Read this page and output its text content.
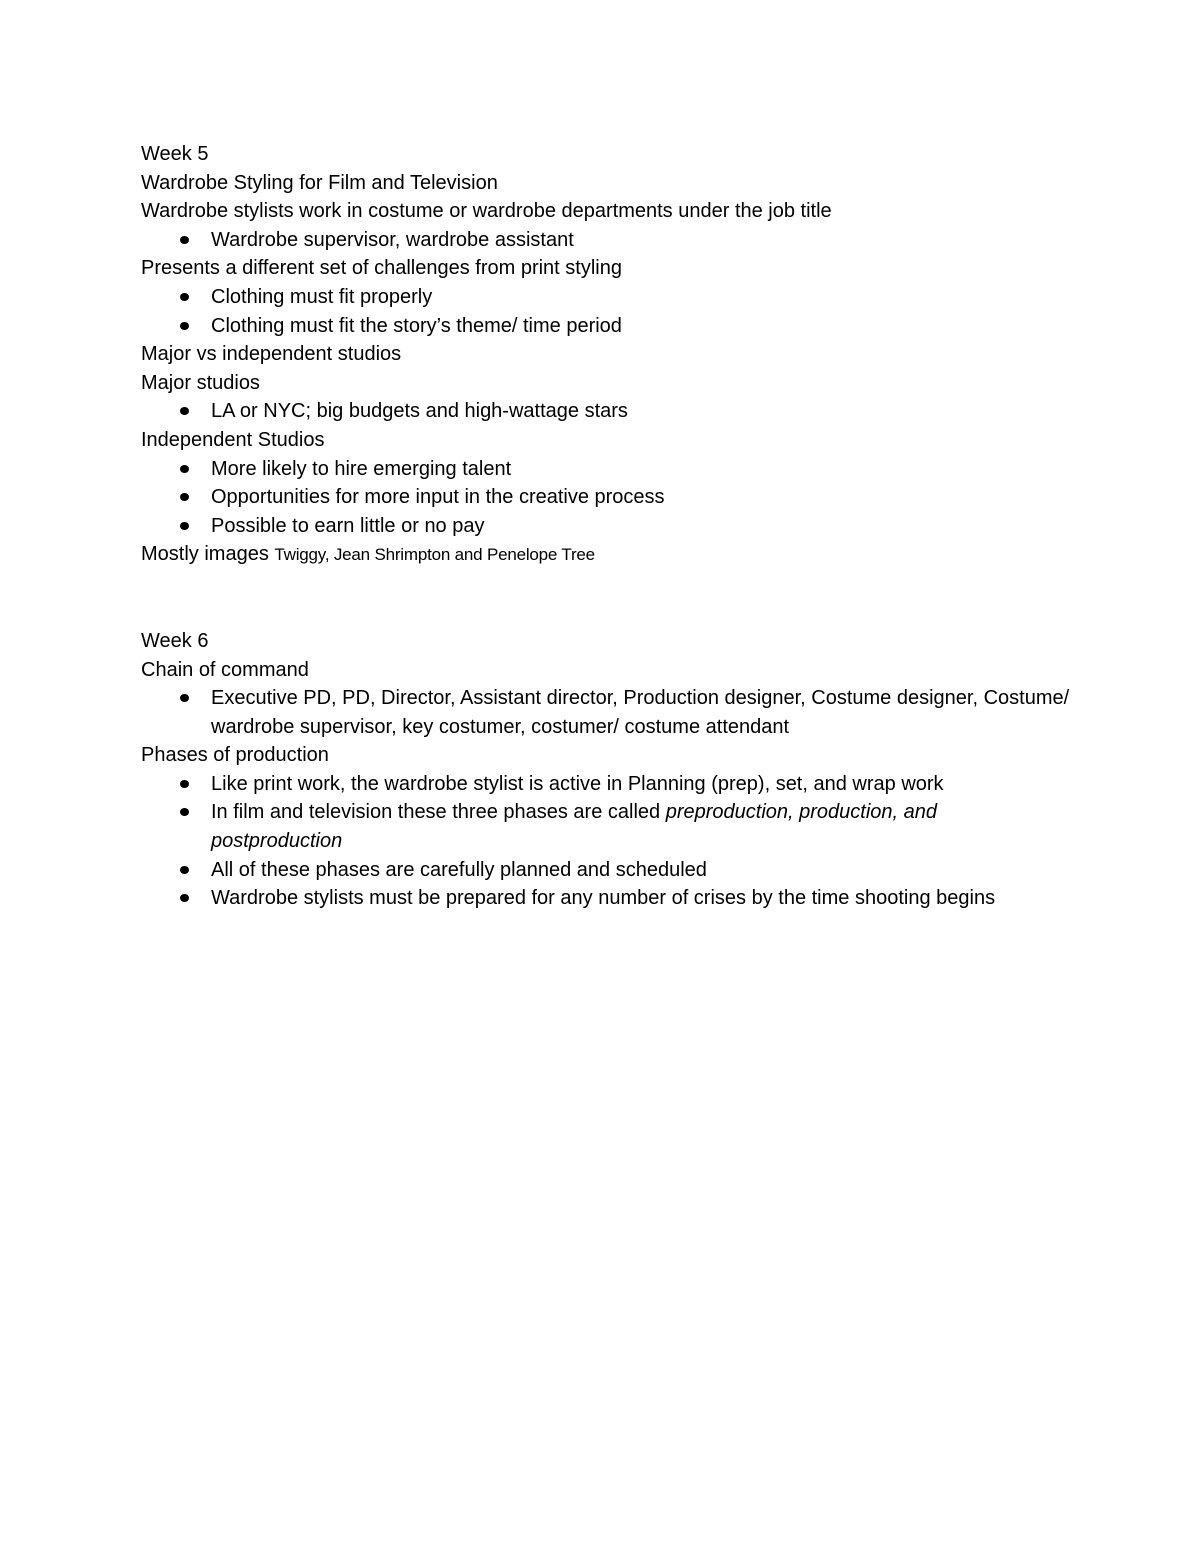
Week 5

Wardrobe Styling for Film and Television

Wardrobe stylists work in costume or wardrobe departments under the job title

Wardrobe supervisor, wardrobe assistant

Presents a different set of challenges from print styling

Clothing must fit properly
Clothing must fit the story’s theme/ time period

Major vs independent studios

Major studios

LA or NYC; big budgets and high-wattage stars

Independent Studios

More likely to hire emerging talent
Opportunities for more input in the creative process
Possible to earn little or no pay

Mostly images Twiggy, Jean Shrimpton and Penelope Tree

Week 6

Chain of command

Executive PD, PD, Director, Assistant director, Production designer, Costume designer, Costume/ wardrobe supervisor, key costumer, costumer/ costume attendant

Phases of production

Like print work, the wardrobe stylist is active in Planning (prep), set, and wrap work
In film and television these three phases are called preproduction, production, and postproduction
All of these phases are carefully planned and scheduled
Wardrobe stylists must be prepared for any number of crises by the time shooting begins
